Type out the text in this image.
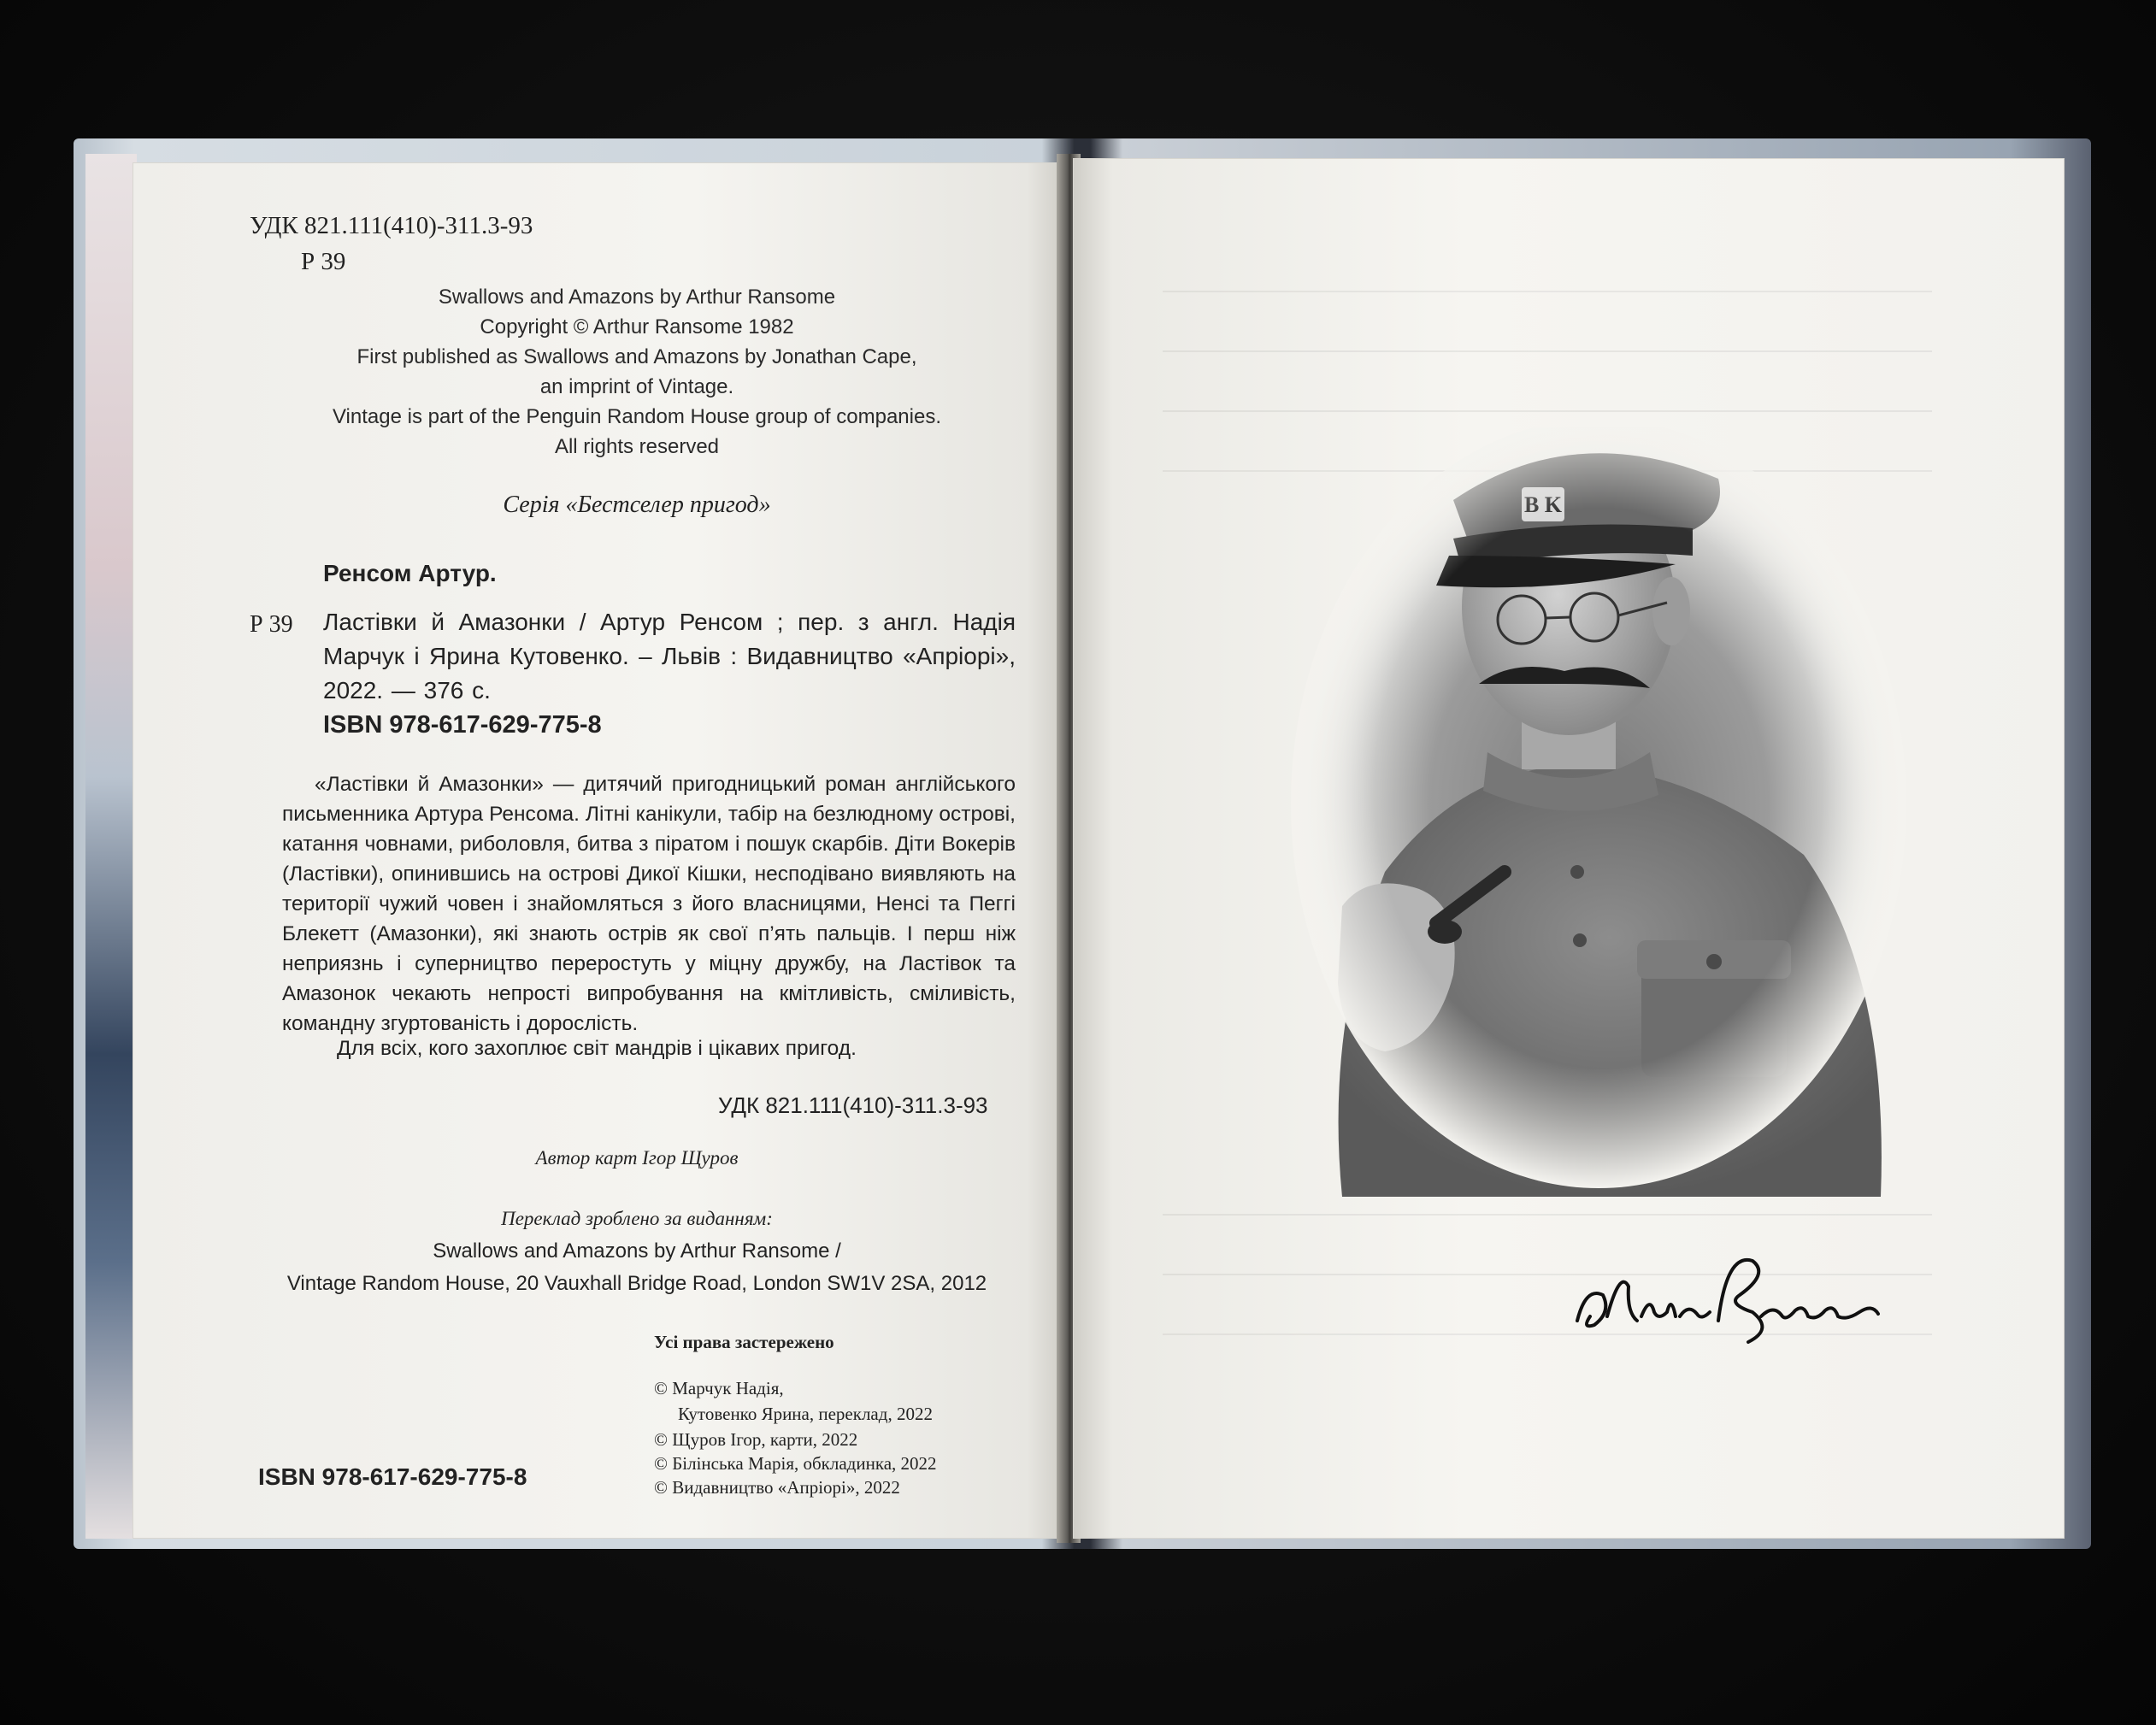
УДК 821.111(410)-311.3-93
Р 39
Swallows and Amazons by Arthur Ransome
Copyright © Arthur Ransome 1982
First published as Swallows and Amazons by Jonathan Cape,
an imprint of Vintage.
Vintage is part of the Penguin Random House group of companies.
All rights reserved
Серія «Бестселер пригод»
Ренсом Артур.
Р 39 Ластівки й Амазонки / Артур Ренсом ; пер. з англ. Надія Марчук і Ярина Кутовенко. – Львів : Видавництво «Апріорі», 2022. — 376 с.
ISBN 978-617-629-775-8
«Ластівки й Амазонки» — дитячий пригодницький роман англійського письменника Артура Ренсома. Літні канікули, табір на безлюдному острові, катання човнами, риболовля, битва з піратом і пошук скарбів. Діти Вокерів (Ластівки), опинившись на острові Дикої Кішки, несподівано виявляють на території чужий човен і знайомляться з його власницями, Ненсі та Пеггі Блекетт (Амазонки), які знають острів як свої п’ять пальців. І перш ніж неприязнь і суперництво переростуть у міцну дружбу, на Ластівок та Амазонок чекають непрості випробування на кмітливість, сміливість, командну згуртованість і дорослість.
Для всіх, кого захоплює світ мандрів і цікавих пригод.
УДК 821.111(410)-311.3-93
Автор карт Ігор Щуров
Переклад зроблено за виданням:
Swallows and Amazons by Arthur Ransome /
Vintage Random House, 20 Vauxhall Bridge Road, London SW1V 2SA, 2012
Усі права застережено
© Марчук Надія,
Кутовенко Ярина, переклад, 2022
© Щуров Ігор, карти, 2022
© Білінська Марія, обкладинка, 2022
© Видавництво «Апріорі», 2022
ISBN 978-617-629-775-8
